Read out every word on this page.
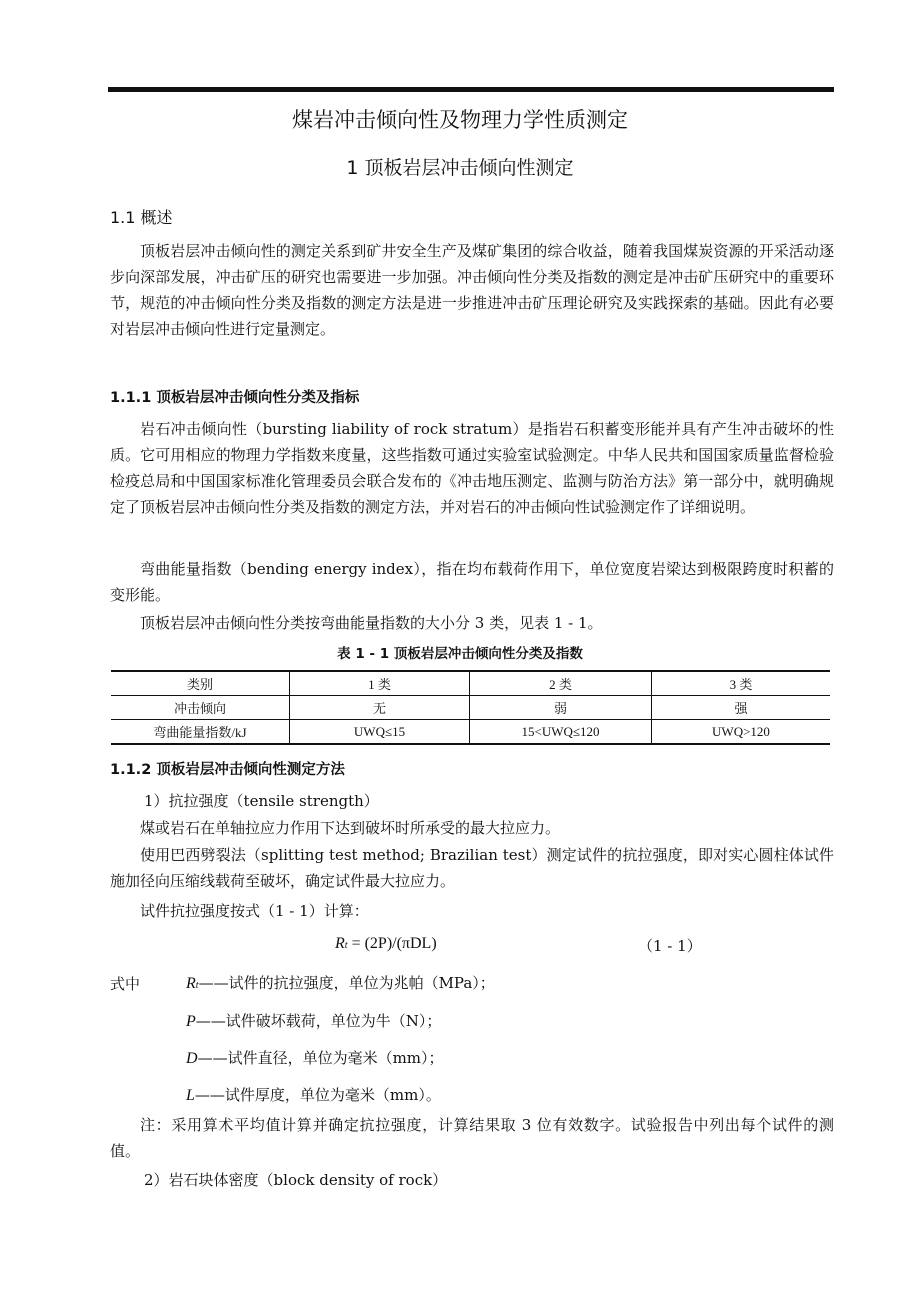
煤岩冲击倾向性及物理力学性质测定
1 顶板岩层冲击倾向性测定
1.1 概述

顶板岩层冲击倾向性的测定关系到矿井安全生产及煤矿集团的综合收益，随着我国煤炭资源的开采活动逐步向深部发展，冲击矿压的研究也需要进一步加强。冲击倾向性分类及指数的测定是冲击矿压研究中的重要环节，规范的冲击倾向性分类及指数的测定方法是进一步推进冲击矿压理论研究及实践探索的基础。因此有必要对岩层冲击倾向性进行定量测定。

1.1.1 顶板岩层冲击倾向性分类及指标

岩石冲击倾向性（bursting liability of rock stratum）是指岩石积蓄变形能并具有产生冲击破坏的性质。它可用相应的物理力学指数来度量，这些指数可通过实验室试验测定。中华人民共和国国家质量监督检验检疫总局和中国国家标准化管理委员会联合发布的《冲击地压测定、监测与防治方法》第一部分中，就明确规定了顶板岩层冲击倾向性分类及指数的测定方法，并对岩石的冲击倾向性试验测定作了详细说明。

弯曲能量指数（bending energy index），指在均布载荷作用下，单位宽度岩梁达到极限跨度时积蓄的变形能。

顶板岩层冲击倾向性分类按弯曲能量指数的大小分 3 类，见表 1 - 1。

表 1 - 1 顶板岩层冲击倾向性分类及指数
类别	1 类	2 类	3 类
冲击倾向	无	弱	强
弯曲能量指数/kJ	UWQ≤15	15<UWQ≤120	UWQ>120
1.1.2 顶板岩层冲击倾向性测定方法
1）抗拉强度（tensile strength）

煤或岩石在单轴拉应力作用下达到破坏时所承受的最大拉应力。

使用巴西劈裂法（splitting test method; Brazilian test）测定试件的抗拉强度，即对实心圆柱体试件施加径向压缩线载荷至破坏，确定试件最大拉应力。

试件抗拉强度按式（1 - 1）计算：

Rt = (2P)/(πDL)	（1 - 1）
式中	Rt——试件的抗拉强度，单位为兆帕（MPa）；
P——试件破坏载荷，单位为牛（N）；
D——试件直径，单位为毫米（mm）；
L——试件厚度，单位为毫米（mm）。

注：采用算术平均值计算并确定抗拉强度，计算结果取 3 位有效数字。试验报告中列出每个试件的测值。

2）岩石块体密度（block density of rock）
